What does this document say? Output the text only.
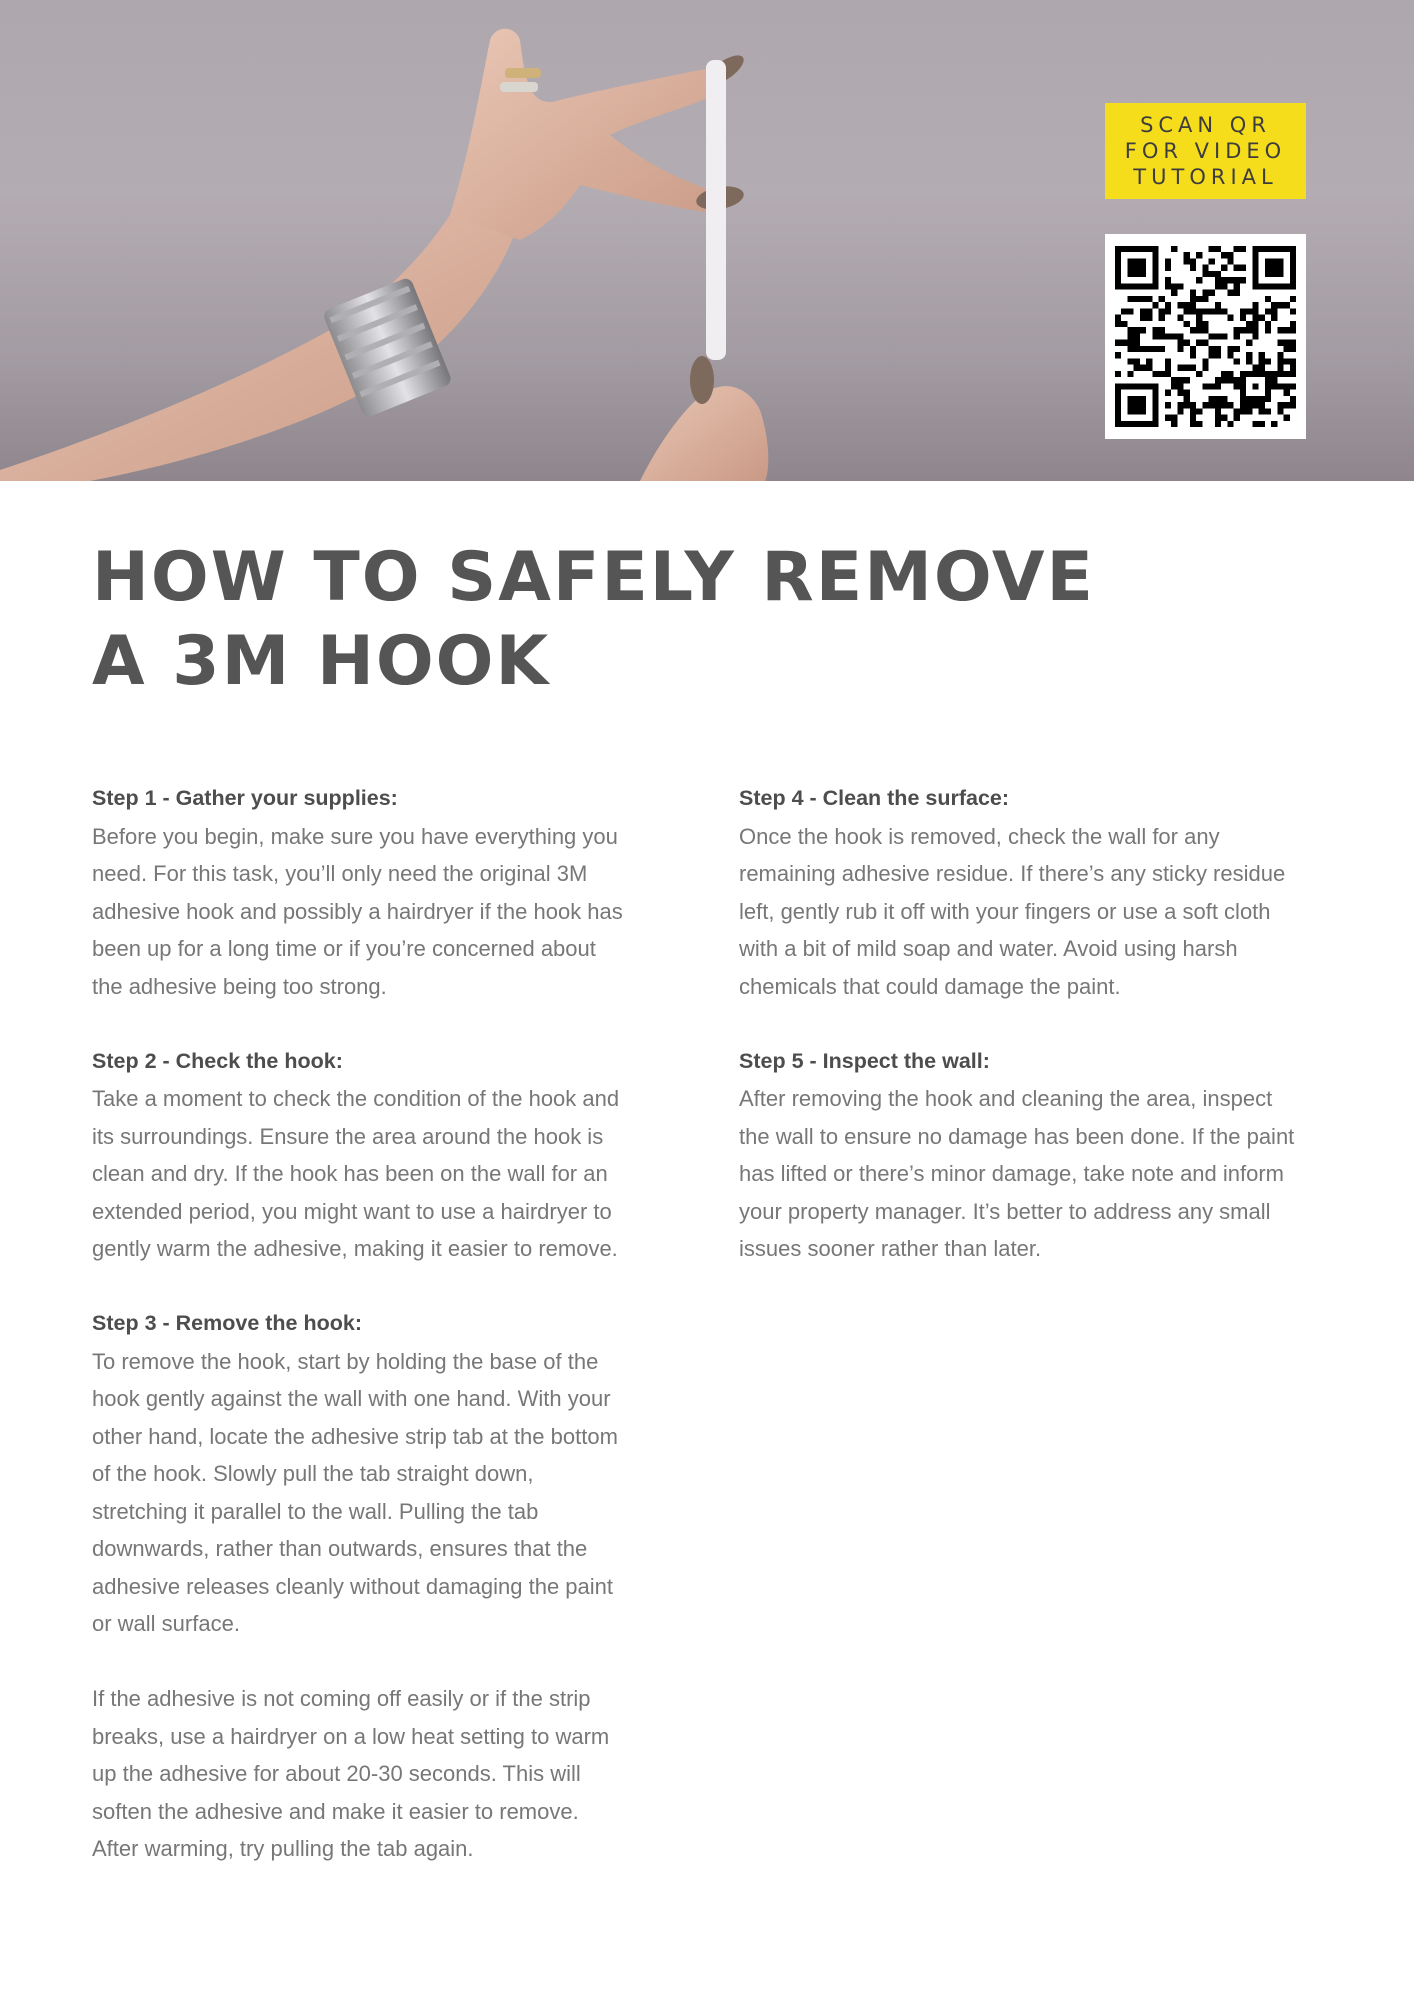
SCAN QR
FOR VIDEO
TUTORIAL
HOW TO SAFELY REMOVE
A 3M HOOK
Step 1 - Gather your supplies:

Before you begin, make sure you have everything you
need. For this task, you’ll only need the original 3M
adhesive hook and possibly a hairdryer if the hook has
been up for a long time or if you’re concerned about
the adhesive being too strong.

Step 2 - Check the hook:

Take a moment to check the condition of the hook and
its surroundings. Ensure the area around the hook is
clean and dry. If the hook has been on the wall for an
extended period, you might want to use a hairdryer to
gently warm the adhesive, making it easier to remove.

Step 3 - Remove the hook:

To remove the hook, start by holding the base of the
hook gently against the wall with one hand. With your
other hand, locate the adhesive strip tab at the bottom
of the hook. Slowly pull the tab straight down,
stretching it parallel to the wall. Pulling the tab
downwards, rather than outwards, ensures that the
adhesive releases cleanly without damaging the paint
or wall surface.

If the adhesive is not coming off easily or if the strip
breaks, use a hairdryer on a low heat setting to warm
up the adhesive for about 20-30 seconds. This will
soften the adhesive and make it easier to remove.
After warming, try pulling the tab again.

Step 4 - Clean the surface:

Once the hook is removed, check the wall for any
remaining adhesive residue. If there’s any sticky residue
left, gently rub it off with your fingers or use a soft cloth
with a bit of mild soap and water. Avoid using harsh
chemicals that could damage the paint.

Step 5 - Inspect the wall:

After removing the hook and cleaning the area, inspect
the wall to ensure no damage has been done. If the paint
has lifted or there’s minor damage, take note and inform
your property manager. It’s better to address any small
issues sooner rather than later.
